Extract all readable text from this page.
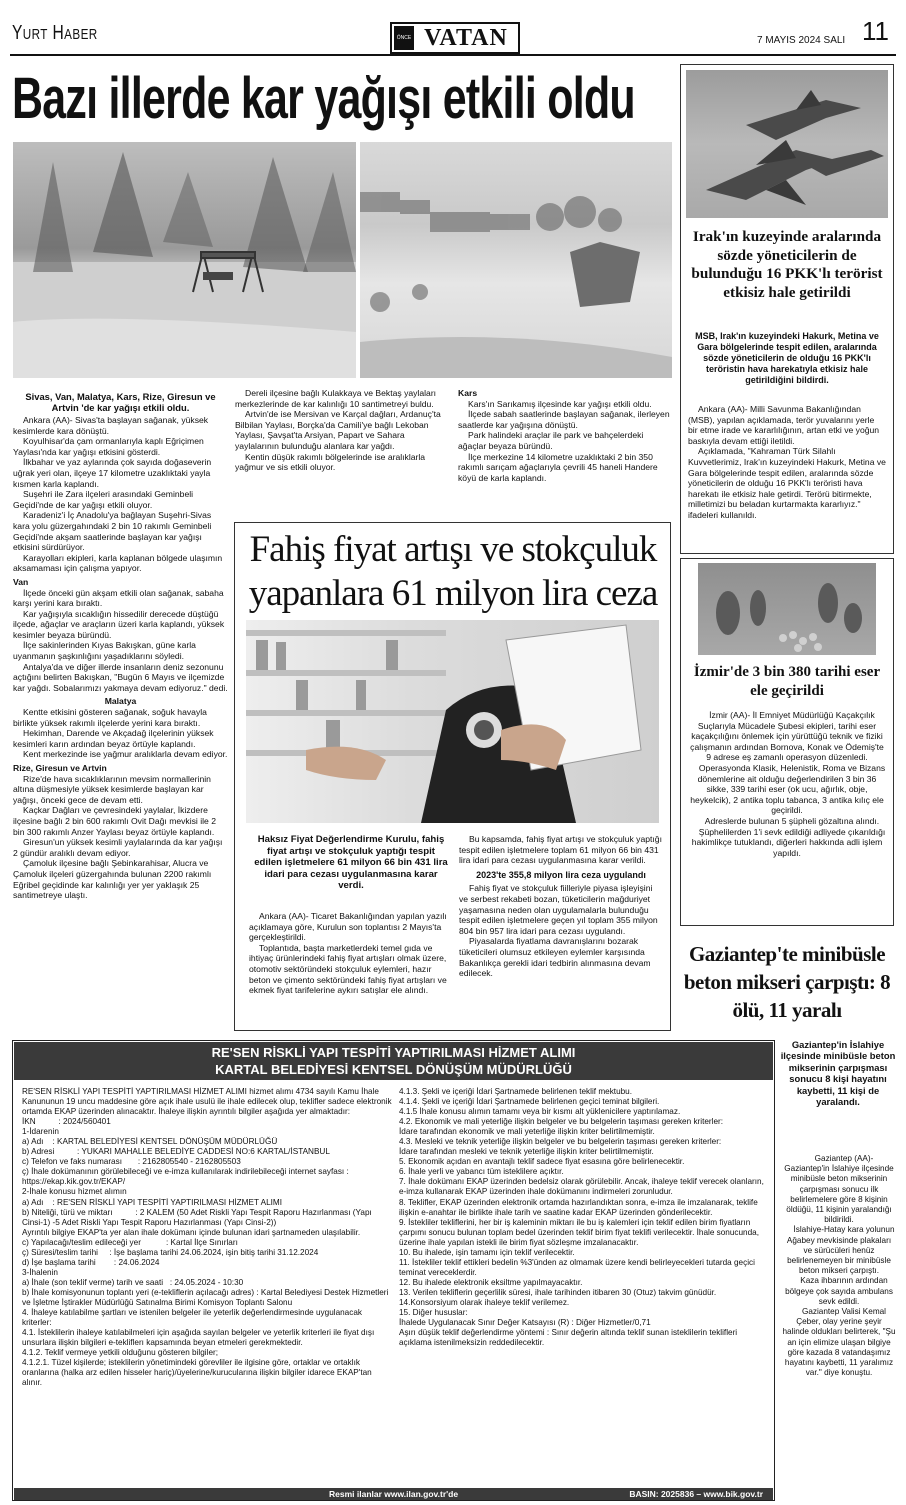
YURT HABER	ÖNCE VATAN	7 MAYIS 2024 SALI 11
Bazı illerde kar yağışı etkili oldu
Sivas, Van, Malatya, Kars, Rize, Giresun ve Artvin 'de kar yağışı etkili oldu.

Ankara (AA)- Sivas'ta başlayan sağanak, yüksek kesimlerde kara dönüştü.

Koyulhisar'da çam ormanlarıyla kaplı Eğriçimen Yaylası'nda kar yağışı etkisini gösterdi.

İlkbahar ve yaz aylarında çok sayıda doğaseverin uğrak yeri olan, ilçeye 17 kilometre uzaklıktaki yayla kısmen karla kaplandı.

Suşehri ile Zara ilçeleri arasındaki Geminbeli Geçidi'nde de kar yağışı etkili oluyor.

Karadeniz'i İç Anadolu'ya bağlayan Suşehri-Sivas kara yolu güzergahındaki 2 bin 10 rakımlı Geminbeli Geçidi'nde akşam saatlerinde başlayan kar yağışı etkisini sürdürüyor.

Karayolları ekipleri, karla kaplanan bölgede ulaşımın aksamaması için çalışma yapıyor.

Van

İlçede önceki gün akşam etkili olan sağanak, sabaha karşı yerini kara bıraktı.

Kar yağışıyla sıcaklığın hissedilir derecede düştüğü ilçede, ağaçlar ve araçların üzeri karla kaplandı, yüksek kesimler beyaza büründü.

İlçe sakinlerinden Kıyas Bakışkan, güne karla uyanmanın şaşkınlığını yaşadıklarını söyledi.

Antalya'da ve diğer illerde insanların deniz sezonunu açtığını belirten Bakışkan, "Bugün 6 Mayıs ve ilçemizde kar yağdı. Sobalarımızı yakmaya devam ediyoruz." dedi.

Malatya

Kentte etkisini gösteren sağanak, soğuk havayla birlikte yüksek rakımlı ilçelerde yerini kara bıraktı.

Hekimhan, Darende ve Akçadağ ilçelerinin yüksek kesimleri karın ardından beyaz örtüyle kaplandı.

Kent merkezinde ise yağmur aralıklarla devam ediyor.

Rize, Giresun ve Artvin

Rize'de hava sıcaklıklarının mevsim normallerinin altına düşmesiyle yüksek kesimlerde başlayan kar yağışı, önceki gece de devam etti.

Kaçkar Dağları ve çevresindeki yaylalar, İkizdere ilçesine bağlı 2 bin 600 rakımlı Ovit Dağı mevkisi ile 2 bin 300 rakımlı Anzer Yaylası beyaz örtüyle kaplandı.

Giresun'un yüksek kesimli yaylalarında da kar yağışı 2 gündür aralıklı devam ediyor.

Çamoluk ilçesine bağlı Şebinkarahisar, Alucra ve Çamoluk ilçeleri güzergahında bulunan 2200 rakımlı Eğribel geçidinde kar kalınlığı yer yer yaklaşık 25 santimetreye ulaştı.

Dereli ilçesine bağlı Kulakkaya ve Bektaş yaylaları merkezlerinde de kar kalınlığı 10 santimetreyi buldu.

Artvin'de ise Mersivan ve Karçal dağları, Ardanuç'ta Bilbilan Yaylası, Borçka'da Camili'ye bağlı Lekoban Yaylası, Şavşat'ta Arsiyan, Papart ve Sahara yaylalarının bulunduğu alanlara kar yağdı.

Kentin düşük rakımlı bölgelerinde ise aralıklarla yağmur ve sis etkili oluyor.

Kars

Kars'ın Sarıkamış ilçesinde kar yağışı etkili oldu.

İlçede sabah saatlerinde başlayan sağanak, ilerleyen saatlerde kar yağışına dönüştü.

Park halindeki araçlar ile park ve bahçelerdeki ağaçlar beyaza büründü.

İlçe merkezine 14 kilometre uzaklıktaki 2 bin 350 rakımlı sarıçam ağaçlarıyla çevrili 45 haneli Handere köyü de karla kaplandı.

Fahiş fiyat artışı ve stokçuluk yapanlara 61 milyon lira ceza
Haksız Fiyat Değerlendirme Kurulu, fahiş fiyat artışı ve stokçuluk yaptığı tespit edilen işletmelere 61 milyon 66 bin 431 lira idari para cezası uygulanmasına karar verdi.

Ankara (AA)- Ticaret Bakanlığından yapılan yazılı açıklamaya göre, Kurulun son toplantısı 2 Mayıs'ta gerçekleştirildi.

Toplantıda, başta marketlerdeki temel gıda ve ihtiyaç ürünlerindeki fahiş fiyat artışları olmak üzere, otomotiv sektöründeki stokçuluk eylemleri, hazır beton ve çimento sektöründeki fahiş fiyat artışları ve ekmek fiyat tarifelerine aykırı satışlar ele alındı.

Bu kapsamda, fahiş fiyat artışı ve stokçuluk yaptığı tespit edilen işletmelere toplam 61 milyon 66 bin 431 lira idari para cezası uygulanmasına karar verildi.

2023'te 355,8 milyon lira ceza uygulandı

Fahiş fiyat ve stokçuluk fiilleriyle piyasa işleyişini ve serbest rekabeti bozan, tüketicilerin mağduriyet yaşamasına neden olan uygulamalarla bulunduğu tespit edilen işletmelere geçen yıl toplam 355 milyon 804 bin 957 lira idari para cezası uygulandı.

Piyasalarda fiyatlama davranışlarını bozarak tüketicileri olumsuz etkileyen eylemler karşısında Bakanlıkça gerekli idari tedbirin alınmasına devam edilecek.

Irak'ın kuzeyinde aralarında sözde yöneticilerin de bulunduğu 16 PKK'lı terörist etkisiz hale getirildi
MSB, Irak'ın kuzeyindeki Hakurk, Metina ve Gara bölgelerinde tespit edilen, aralarında sözde yöneticilerin de olduğu 16 PKK'lı teröristin hava harekatıyla etkisiz hale getirildiğini bildirdi.

Ankara (AA)- Milli Savunma Bakanlığından (MSB), yapılan açıklamada, terör yuvalarını yerle bir etme irade ve kararlılığının, artan etki ve yoğun baskıyla devam ettiği iletildi.

Açıklamada, "Kahraman Türk Silahlı Kuvvetlerimiz, Irak'ın kuzeyindeki Hakurk, Metina ve Gara bölgelerinde tespit edilen, aralarında sözde yöneticilerin de olduğu 16 PKK'lı teröristi hava harekatı ile etkisiz hale getirdi. Terörü bitirmekte, milletimizi bu beladan kurtarmakta kararlıyız." ifadeleri kullanıldı.

İzmir'de 3 bin 380 tarihi eser ele geçirildi

İzmir (AA)- İl Emniyet Müdürlüğü Kaçakçılık Suçlarıyla Mücadele Şubesi ekipleri, tarihi eser kaçakçılığını önlemek için yürüttüğü teknik ve fiziki çalışmanın ardından Bornova, Konak ve Ödemiş'te 9 adrese eş zamanlı operasyon düzenledi.

Operasyonda Klasik, Helenistik, Roma ve Bizans dönemlerine ait olduğu değerlendirilen 3 bin 36 sikke, 339 tarihi eser (ok ucu, ağırlık, obje, heykelcik), 2 antika toplu tabanca, 3 antika kılıç ele geçirildi.

Adreslerde bulunan 5 şüpheli gözaltına alındı.

Şüphelilerden 1'i sevk edildiği adliyede çıkarıldığı hakimlikçe tutuklandı, diğerleri hakkında adli işlem yapıldı.

Gaziantep'te minibüsle beton mikseri çarpıştı: 8 ölü, 11 yaralı
Gaziantep'in İslahiye ilçesinde minibüsle beton mikserinin çarpışması sonucu 8 kişi hayatını kaybetti, 11 kişi de yaralandı.

Gaziantep (AA)- Gaziantep'in İslahiye ilçesinde minibüsle beton mikserinin çarpışması sonucu ilk belirlemelere göre 8 kişinin öldüğü, 11 kişinin yaralandığı bildirildi.

İslahiye-Hatay kara yolunun Ağabey mevkisinde plakaları ve sürücüleri henüz belirlenemeyen bir minibüsle beton mikseri çarpıştı.

Kaza ihbarının ardından bölgeye çok sayıda ambulans sevk edildi.

Gaziantep Valisi Kemal Çeber, olay yerine şeyir halinde oldukları belirterek, "Şu an için elimize ulaşan bilgiye göre kazada 8 vatandaşımız hayatını kaybetti, 11 yaralımız var." diye konuştu.

RE'SEN RİSKLİ YAPI TESPİTİ YAPTIRILMASI HİZMET ALIMI
KARTAL BELEDİYESİ KENTSEL DÖNÜŞÜM MÜDÜRLÜĞÜ

RE'SEN RİSKLİ YAPI TESPİTİ YAPTIRILMASI HİZMET ALIMI hizmet alımı 4734 sayılı Kamu İhale Kanununun 19 uncu maddesine göre açık ihale usulü ile ihale edilecek olup, teklifler sadece elektronik ortamda EKAP üzerinden alınacaktır. İhaleye ilişkin ayrıntılı bilgiler aşağıda yer almaktadır:

İKN          : 2024/560401

1-İdarenin

a) Adı    : KARTAL BELEDİYESİ KENTSEL DÖNÜŞÜM MÜDÜRLÜĞÜ

b) Adresi          : YUKARI MAHALLE BELEDİYE CADDESİ NO:6 KARTAL/İSTANBUL

c) Telefon ve faks numarası       : 2162805540 - 2162805503

ç) İhale dokümanının görülebileceği ve e-imza kullanılarak indirilebileceği internet sayfası : https://ekap.kik.gov.tr/EKAP/

2-İhale konusu hizmet alımın

a) Adı    : RE'SEN RİSKLİ YAPI TESPİTİ YAPTIRILMASI HİZMET ALIMI

b) Niteliği, türü ve miktarı          : 2 KALEM (50 Adet Riskli Yapı Tespit Raporu Hazırlanması (Yapı Cinsi-1) -5 Adet Riskli Yapı Tespit Raporu Hazırlanması (Yapı Cinsi-2))

Ayrıntılı bilgiye EKAP'ta yer alan ihale dokümanı içinde bulunan idari şartnameden ulaşılabilir.

c) Yapılacağı/teslim edileceği yer           : Kartal İlçe Sınırları

ç) Süresi/teslim tarihi     : İşe başlama tarihi 24.06.2024, işin bitiş tarihi 31.12.2024

d) İşe başlama tarihi        : 24.06.2024

3-İhalenin

a) İhale (son teklif verme) tarih ve saati   : 24.05.2024 - 10:30

b) İhale komisyonunun toplantı yeri (e-tekliflerin açılacağı adres) : Kartal Belediyesi Destek Hizmetleri ve İşletme İştirakler Müdürlüğü Satınalma Birimi Komisyon Toplantı Salonu

4. İhaleye katılabilme şartları ve istenilen belgeler ile yeterlik değerlendirmesinde uygulanacak kriterler:

4.1. İsteklilerin ihaleye katılabilmeleri için aşağıda sayılan belgeler ve yeterlik kriterleri ile fiyat dışı unsurlara ilişkin bilgileri e-tekliflerı kapsamında beyan etmeleri gerekmektedir.

4.1.2. Teklif vermeye yetkili olduğunu gösteren bilgiler;

4.1.2.1. Tüzel kişilerde; isteklilerin yönetimindeki görevliler ile ilgisine göre, ortaklar ve ortaklık oranlarına (halka arz edilen hisseler hariç)/üyelerine/kurucularına ilişkin bilgiler idarece EKAP'tan alınır.

4.1.3. Şekli ve içeriği İdari Şartnamede belirlenen teklif mektubu.

4.1.4. Şekli ve içeriği İdari Şartnamede belirlenen geçici teminat bilgileri.

4.1.5 İhale konusu alımın tamamı veya bir kısmı alt yüklenicilere yaptırılamaz.

4.2. Ekonomik ve mali yeterliğe ilişkin belgeler ve bu belgelerin taşıması gereken kriterler:

İdare tarafından ekonomik ve mali yeterliğe ilişkin kriter belirtilmemiştir.

4.3. Mesleki ve teknik yeterliğe ilişkin belgeler ve bu belgelerin taşıması gereken kriterler:

İdare tarafından mesleki ve teknik yeterliğe ilişkin kriter belirtilmemiştir.

5. Ekonomik açıdan en avantajlı teklif sadece fiyat esasına göre belirlenecektir.

6. İhale yerli ve yabancı tüm isteklilere açıktır.

7. İhale dokümanı EKAP üzerinden bedelsiz olarak görülebilir. Ancak, ihaleye teklif verecek olanların, e-imza kullanarak EKAP üzerinden ihale dokümanını indirmeleri zorunludur.

8. Teklifler, EKAP üzerinden elektronik ortamda hazırlandıktan sonra, e-imza ile imzalanarak, teklife ilişkin e-anahtar ile birlikte ihale tarih ve saatine kadar EKAP üzerinden gönderilecektir.

9. İstekliler tekliflerini, her bir iş kaleminin miktarı ile bu iş kalemleri için teklif edilen birim fiyatların çarpımı sonucu bulunan toplam bedel üzerinden teklif birim fiyat teklifi verilecektir. İhale sonucunda, üzerine ihale yapılan istekli ile birim fiyat sözleşme imzalanacaktır.

10. Bu ihalede, işin tamamı için teklif verilecektir.

11. İstekliler teklif ettikleri bedelin %3'ünden az olmamak üzere kendi belirleyecekleri tutarda geçici teminat vereceklerdir.

12. Bu ihalede elektronik eksiltme yapılmayacaktır.

13. Verilen tekliflerin geçerlilik süresi, ihale tarihinden itibaren 30 (Otuz) takvim günüdür.

14.Konsorsiyum olarak ihaleye teklif verilemez.

15. Diğer hususlar:

İhalede Uygulanacak Sınır Değer Katsayısı (R) : Diğer Hizmetler/0,71

Aşırı düşük teklif değerlendirme yöntemi : Sınır değerin altında teklif sunan isteklilerin teklifleri açıklama istenilmeksizin reddedilecektir.

Resmi ilanlar www.ilan.gov.tr'de	BASIN: 2025836 – www.bik.gov.tr
